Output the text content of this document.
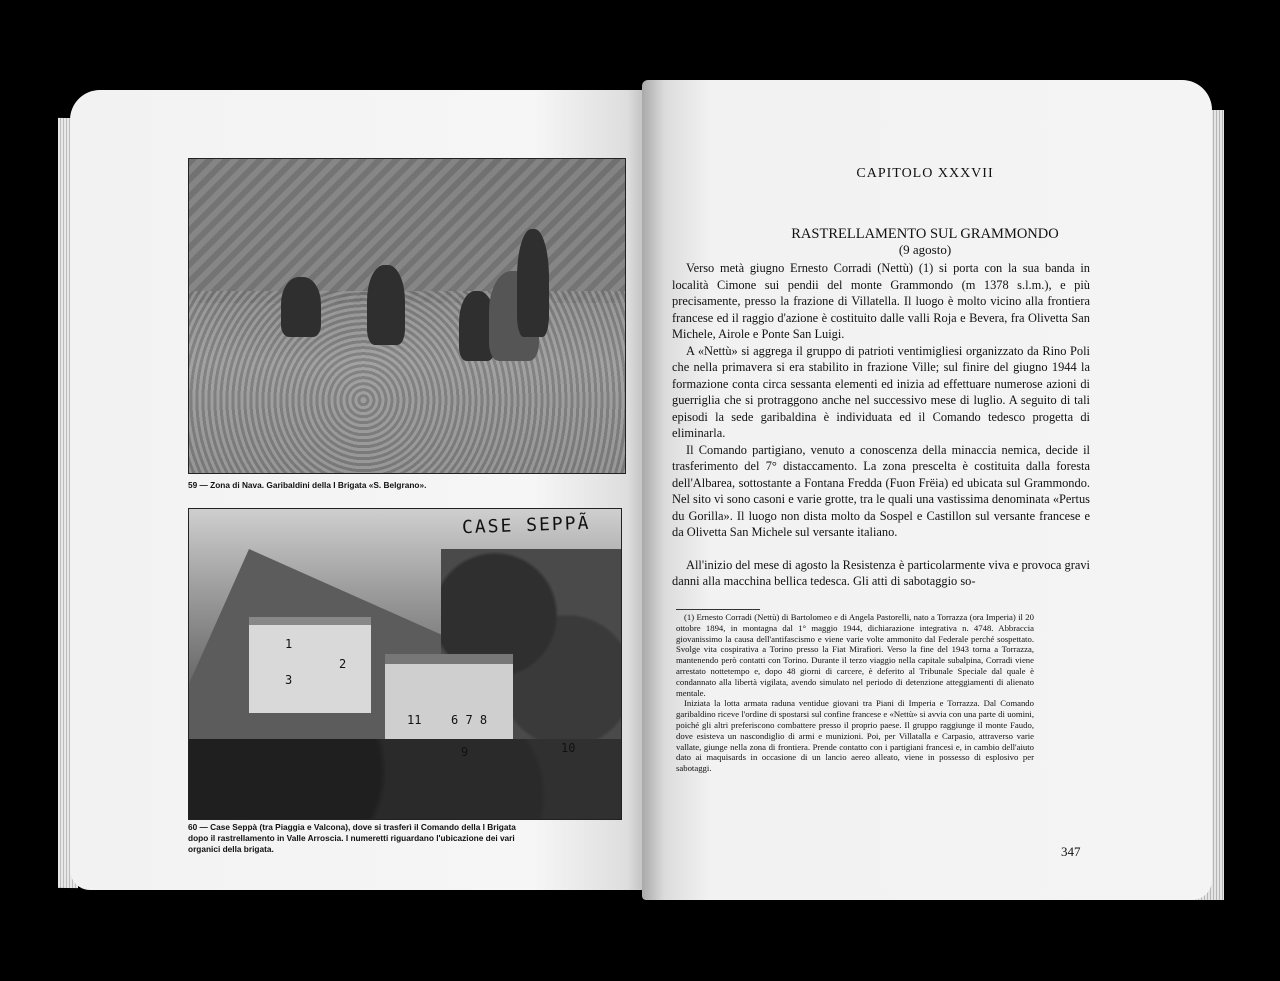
59 — Zona di Nava. Garibaldini della I Brigata «S. Belgrano».
CASE SEPPÃ
1
2
3
11 6 7 8
9	10
60 — Case Seppà (tra Piaggia e Valcona), dove si trasferì il Comando della I Brigata dopo il rastrellamento in Valle Arroscia. I numeretti riguardano l'ubicazione dei vari organici della brigata.
CAPITOLO XXXVII
RASTRELLAMENTO SUL GRAMMONDO
(9 agosto)

Verso metà giugno Ernesto Corradi (Nettù) (1) si porta con la sua banda in località Cimone sui pendii del monte Grammondo (m 1378 s.l.m.), e più precisamente, presso la frazione di Villatella. Il luogo è molto vicino alla frontiera francese ed il raggio d'azione è costituito dalle valli Roja e Bevera, fra Olivetta San Michele, Airole e Ponte San Luigi.

A «Nettù» si aggrega il gruppo di patrioti ventimigliesi organizzato da Rino Poli che nella primavera si era stabilito in frazione Ville; sul finire del giugno 1944 la formazione conta circa sessanta elementi ed inizia ad effettuare numerose azioni di guerriglia che si protraggono anche nel successivo mese di luglio. A seguito di tali episodi la sede garibaldina è individuata ed il Comando tedesco progetta di eliminarla.

Il Comando partigiano, venuto a conoscenza della minaccia nemica, decide il trasferimento del 7° distaccamento. La zona prescelta è costituita dalla foresta dell'Albarea, sottostante a Fontana Fredda (Fuon Frëia) ed ubicata sul Grammondo. Nel sito vi sono casoni e varie grotte, tra le quali una vastissima denominata «Pertus du Gorilla». Il luogo non dista molto da Sospel e Castillon sul versante francese e da Olivetta San Michele sul versante italiano.

All'inizio del mese di agosto la Resistenza è particolarmente viva e provoca gravi danni alla macchina bellica tedesca. Gli atti di sabotaggio so-

(1) Ernesto Corradi (Nettù) di Bartolomeo e di Angela Pastorelli, nato a Torrazza (ora Imperia) il 20 ottobre 1894, in montagna dal 1° maggio 1944, dichiarazione integrativa n. 4748. Abbraccia giovanissimo la causa dell'antifascismo e viene varie volte ammonito dal Federale perché sospettato. Svolge vita cospirativa a Torino presso la Fiat Mirafiori. Verso la fine del 1943 torna a Torrazza, mantenendo però contatti con Torino. Durante il terzo viaggio nella capitale subalpina, Corradi viene arrestato nottetempo e, dopo 48 giorni di carcere, è deferito al Tribunale Speciale dal quale è condannato alla libertà vigilata, avendo simulato nel periodo di detenzione atteggiamenti di alienato mentale.

Iniziata la lotta armata raduna ventidue giovani tra Piani di Imperia e Torrazza. Dal Comando garibaldino riceve l'ordine di spostarsi sul confine francese e «Nettù» si avvia con una parte di uomini, poiché gli altri preferiscono combattere presso il proprio paese. Il gruppo raggiunge il monte Faudo, dove esisteva un nascondiglio di armi e munizioni. Poi, per Villatalla e Carpasio, attraverso varie vallate, giunge nella zona di frontiera. Prende contatto con i partigiani francesi e, in cambio dell'aiuto dato ai maquisards in occasione di un lancio aereo alleato, viene in possesso di esplosivo per sabotaggi.

347
